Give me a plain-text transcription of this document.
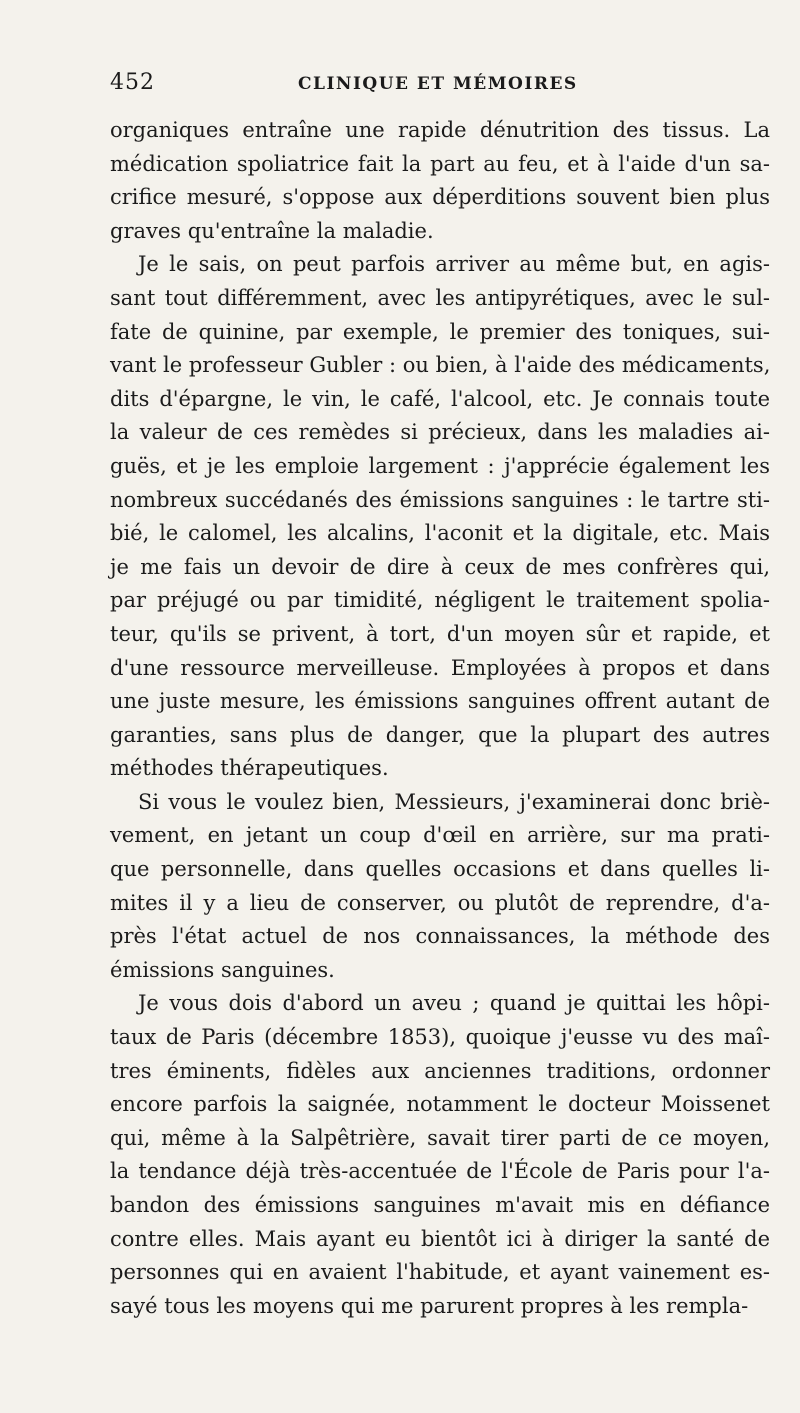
452	CLINIQUE ET MÉMOIRES
organiques entraîne une rapide dénutrition des tissus. La
médication spoliatrice fait la part au feu, et à l'aide d'un sa-
crifice mesuré, s'oppose aux déperditions souvent bien plus
graves qu'entraîne la maladie.
Je le sais, on peut parfois arriver au même but, en agis-
sant tout différemment, avec les antipyrétiques, avec le sul-
fate de quinine, par exemple, le premier des toniques, sui-
vant le professeur Gubler : ou bien, à l'aide des médicaments,
dits d'épargne, le vin, le café, l'alcool, etc. Je connais toute
la valeur de ces remèdes si précieux, dans les maladies ai-
guës, et je les emploie largement : j'apprécie également les
nombreux succédanés des émissions sanguines : le tartre sti-
bié, le calomel, les alcalins, l'aconit et la digitale, etc. Mais
je me fais un devoir de dire à ceux de mes confrères qui,
par préjugé ou par timidité, négligent le traitement spolia-
teur, qu'ils se privent, à tort, d'un moyen sûr et rapide, et
d'une ressource merveilleuse. Employées à propos et dans
une juste mesure, les émissions sanguines offrent autant de
garanties, sans plus de danger, que la plupart des autres
méthodes thérapeutiques.
Si vous le voulez bien, Messieurs, j'examinerai donc briè-
vement, en jetant un coup d'œil en arrière, sur ma prati-
que personnelle, dans quelles occasions et dans quelles li-
mites il y a lieu de conserver, ou plutôt de reprendre, d'a-
près l'état actuel de nos connaissances, la méthode des
émissions sanguines.
Je vous dois d'abord un aveu ; quand je quittai les hôpi-
taux de Paris (décembre 1853), quoique j'eusse vu des maî-
tres éminents, fidèles aux anciennes traditions, ordonner
encore parfois la saignée, notamment le docteur Moissenet
qui, même à la Salpêtrière, savait tirer parti de ce moyen,
la tendance déjà très-accentuée de l'École de Paris pour l'a-
bandon des émissions sanguines m'avait mis en défiance
contre elles. Mais ayant eu bientôt ici à diriger la santé de
personnes qui en avaient l'habitude, et ayant vainement es-
sayé tous les moyens qui me parurent propres à les rempla-
